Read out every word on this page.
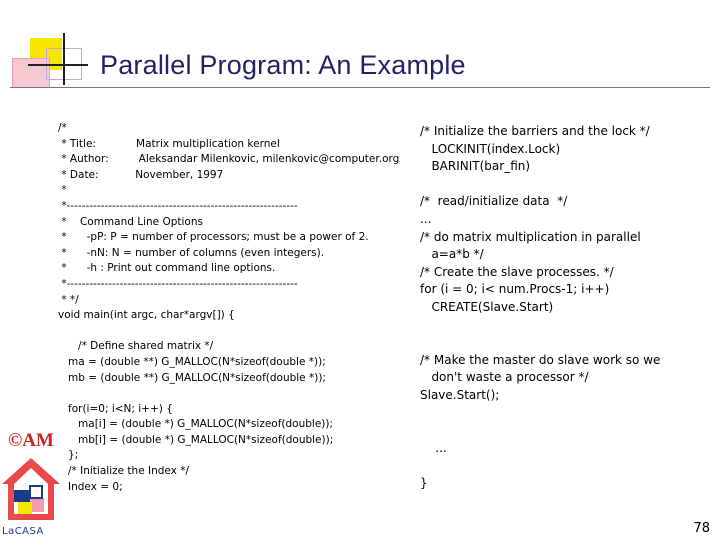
Parallel Program: An Example
/*
* Title:            Matrix multiplication kernel
* Author:         Aleksandar Milenkovic, milenkovic@computer.org
* Date:           November, 1997
*
*-------------------------------------------------------------
*    Command Line Options
*      -pP: P = number of processors; must be a power of 2.
*      -nN: N = number of columns (even integers).
*      -h : Print out command line options.
*-------------------------------------------------------------
* */
void main(int argc, char*argv[]) {
/* Define shared matrix */
ma = (double **) G_MALLOC(N*sizeof(double *));
mb = (double **) G_MALLOC(N*sizeof(double *));
for(i=0; i<N; i++) {
ma[i] = (double *) G_MALLOC(N*sizeof(double));
mb[i] = (double *) G_MALLOC(N*sizeof(double));
};
/* Initialize the Index */
Index = 0;
/* Initialize the barriers and the lock */
LOCKINIT(index.Lock)
BARINIT(bar_fin)
/*  read/initialize data  */
...
/* do matrix multiplication in parallel
a=a*b */
/* Create the slave processes. */
for (i = 0; i< num.Procs-1; i++)
CREATE(Slave.Start)
/* Make the master do slave work so we
don't waste a processor */
Slave.Start();
...
}
©AM
LaCASA	78
